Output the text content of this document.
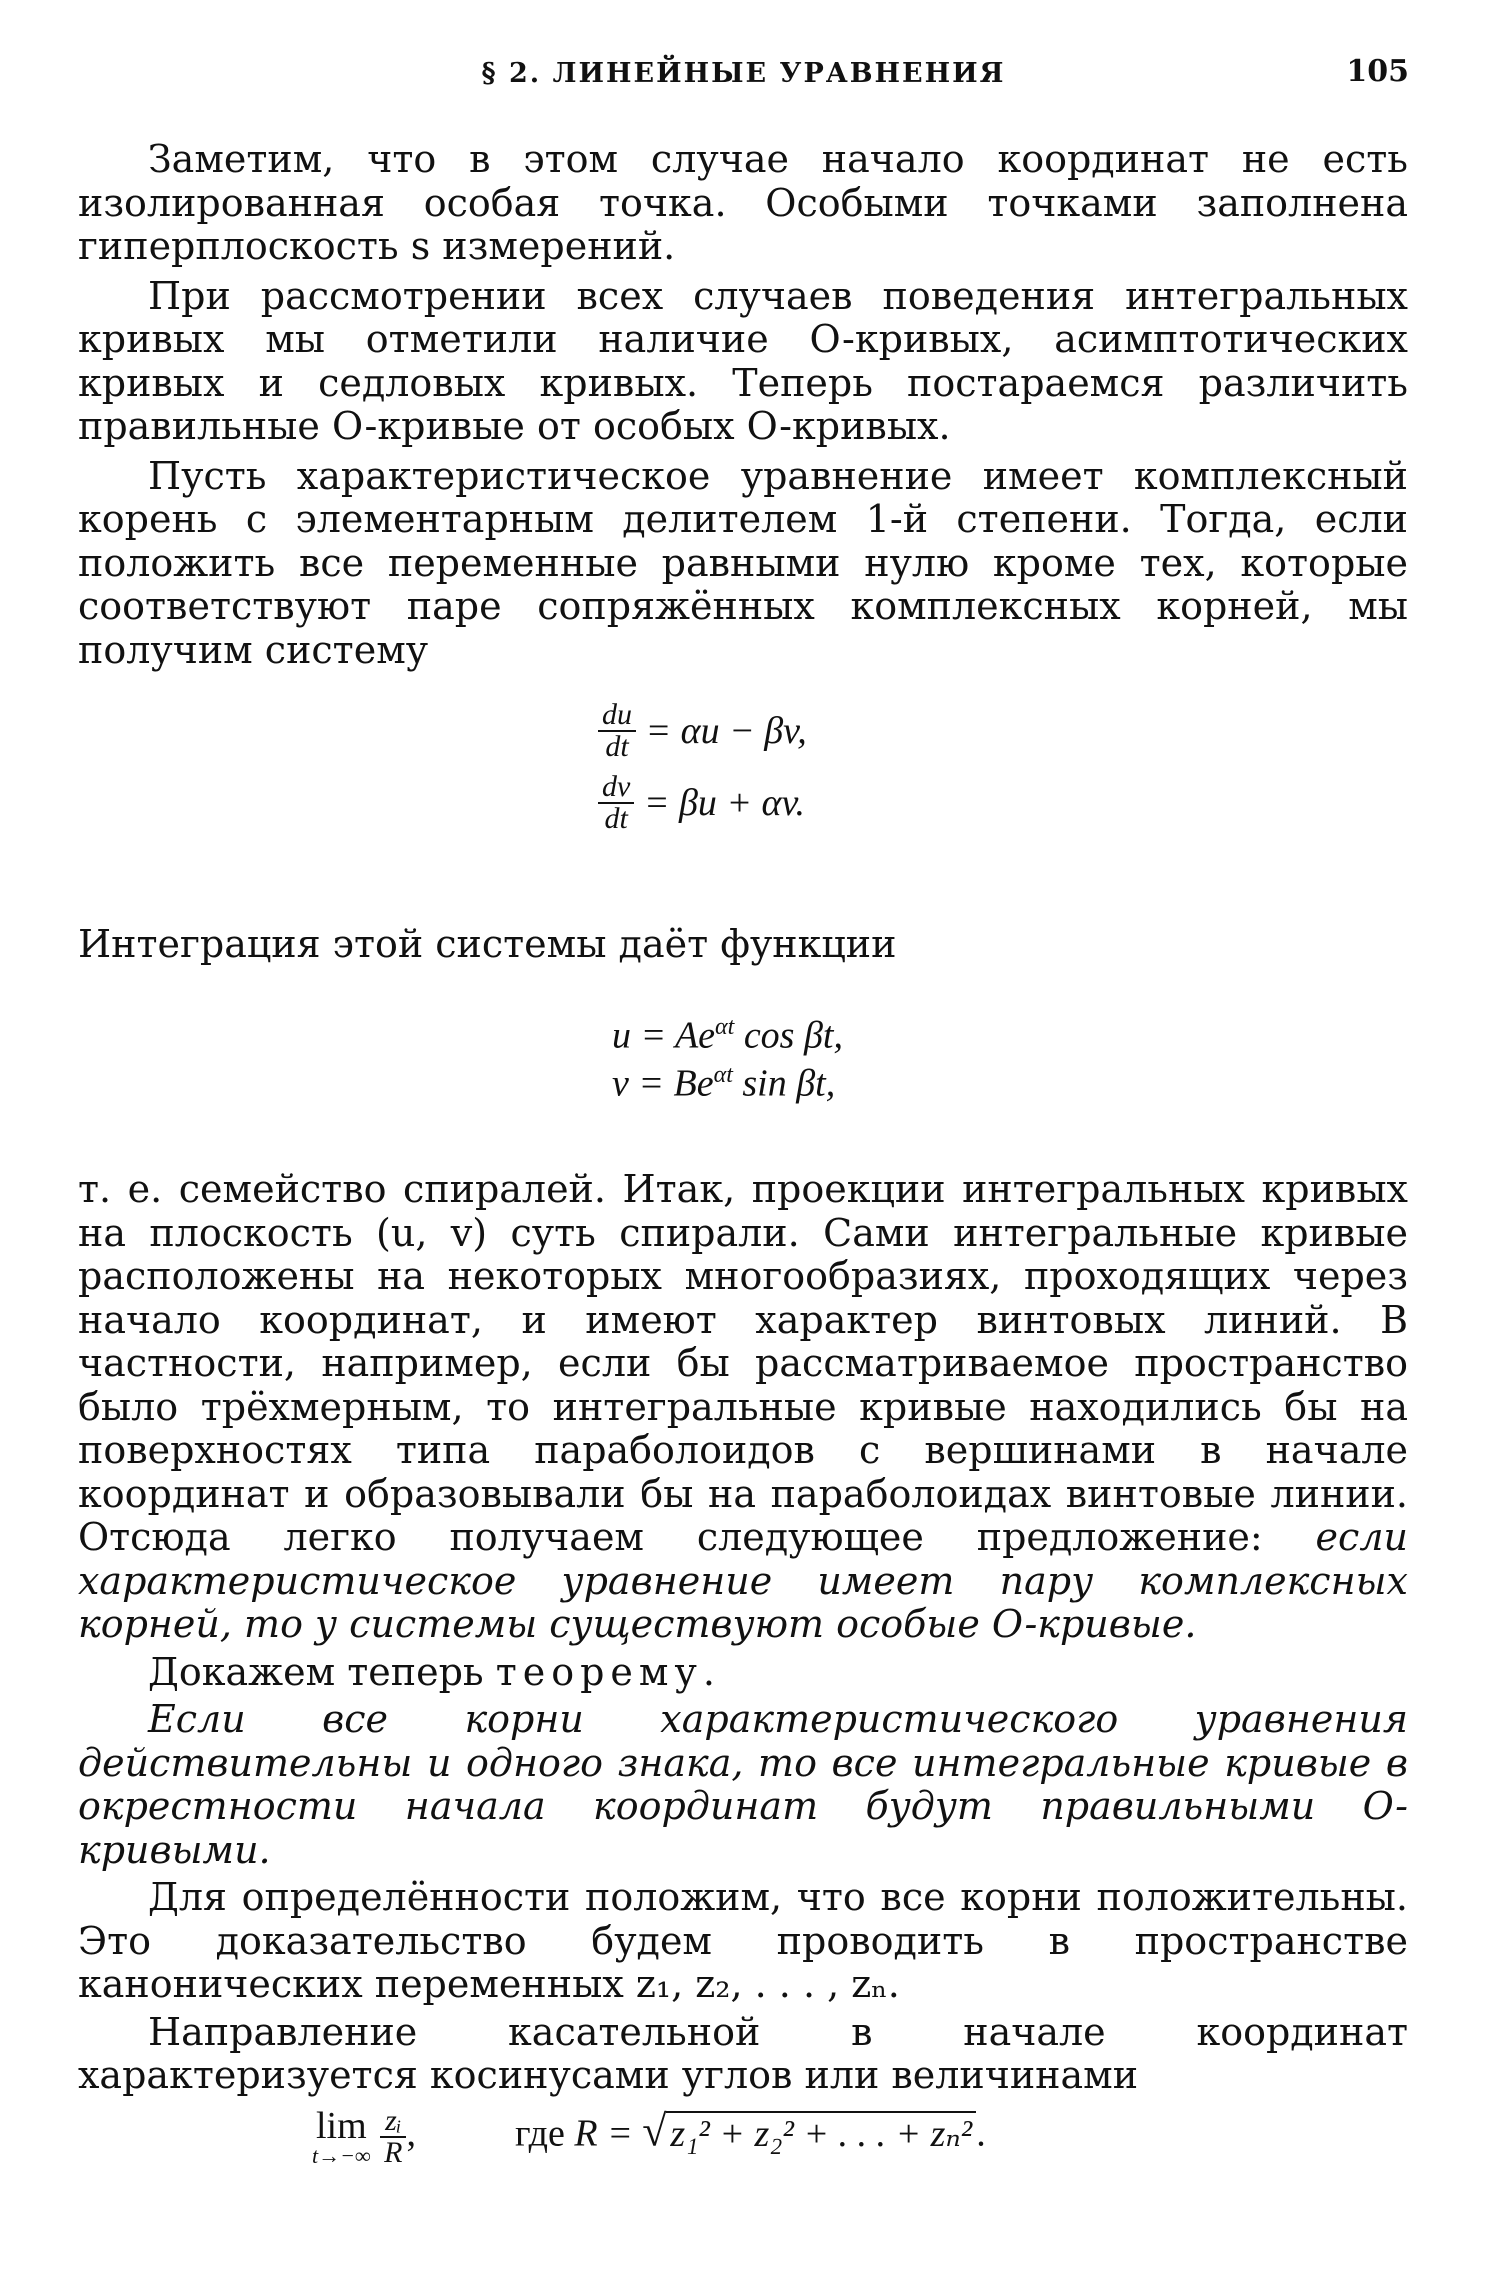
§ 2. ЛИНЕЙНЫЕ УРАВНЕНИЯ	105

Заметим, что в этом случае начало координат не есть изолированная особая точка. Особыми точками заполнена гиперплоскость s измерений.

При рассмотрении всех случаев поведения интегральных кривых мы отметили наличие O-кривых, асимптотических кривых и седловых кривых. Теперь постараемся различить правильные O-кривые от особых O-кривых.

Пусть характеристическое уравнение имеет комплексный корень с элементарным делителем 1-й степени. Тогда, если положить все переменные равными нулю кроме тех, которые соответствуют паре сопряжённых комплексных корней, мы получим систему

$\frac{du}{dt} = \alpha u - \beta v$,
$\frac{dv}{dt} = \beta u + \alpha v$.

Интеграция этой системы даёт функции

$u = Ae^{\alpha t}$ cos βt,
$v = Be^{\alpha t}$ sin βt,

т. е. семейство спиралей. Итак, проекции интегральных кривых на плоскость (u, v) суть спирали. Сами интегральные кривые расположены на некоторых многообразиях, проходящих через начало координат, и имеют характер винтовых линий. В частности, например, если бы рассматриваемое пространство было трёхмерным, то интегральные кривые находились бы на поверхностях типа параболоидов с вершинами в начале координат и образовывали бы на параболоидах винтовые линии. Отсюда легко получаем следующее предложение: если характеристическое уравнение имеет пару комплексных корней, то у системы существуют особые O-кривые.

Докажем теперь теорему.

Если все корни характеристического уравнения действительны и одного знака, то все интегральные кривые в окрестности начала координат будут правильными O-кривыми.

Для определённости положим, что все корни положительны. Это доказательство будем проводить в пространстве канонических переменных z₁, z₂, . . . , zₙ.

Направление касательной в начале координат характеризуется косинусами углов или величинами

lim
t→−∞
$\frac{\text{zᵢ}}{R}$ ,	где R = √ z₁² + z₂² + . . . + zₙ² .
